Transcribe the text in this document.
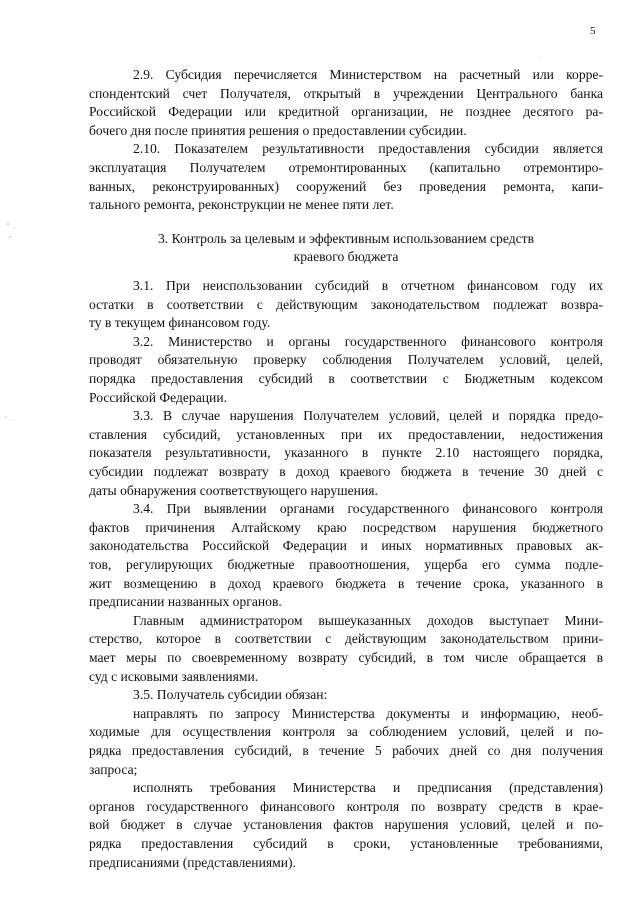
5
2.9. Субсидия перечисляется Министерством на расчетный или корре-
спондентский счет Получателя, открытый в учреждении Центрального банка
Российской Федерации или кредитной организации, не позднее десятого ра-
бочего дня после принятия решения о предоставлении субсидии.
2.10. Показателем результативности предоставления субсидии является
эксплуатация Получателем отремонтированных (капитально отремонтиро-
ванных, реконструированных) сооружений без проведения ремонта, капи-
тального ремонта, реконструкции не менее пяти лет.
3. Контроль за целевым и эффективным использованием средств
краевого бюджета
3.1. При неиспользовании субсидий в отчетном финансовом году их
остатки в соответствии с действующим законодательством подлежат возвра-
ту в текущем финансовом году.
3.2. Министерство и органы государственного финансового контроля
проводят обязательную проверку соблюдения Получателем условий, целей,
порядка предоставления субсидий в соответствии с Бюджетным кодексом
Российской Федерации.
3.3. В случае нарушения Получателем условий, целей и порядка предо-
ставления субсидий, установленных при их предоставлении, недостижения
показателя результативности, указанного в пункте 2.10 настоящего порядка,
субсидии подлежат возврату в доход краевого бюджета в течение 30 дней с
даты обнаружения соответствующего нарушения.
3.4. При выявлении органами государственного финансового контроля
фактов причинения Алтайскому краю посредством нарушения бюджетного
законодательства Российской Федерации и иных нормативных правовых ак-
тов, регулирующих бюджетные правоотношения, ущерба его сумма подле-
жит возмещению в доход краевого бюджета в течение срока, указанного в
предписании названных органов.
Главным администратором вышеуказанных доходов выступает Мини-
стерство, которое в соответствии с действующим законодательством прини-
мает меры по своевременному возврату субсидий, в том числе обращается в
суд с исковыми заявлениями.
3.5. Получатель субсидии обязан:
направлять по запросу Министерства документы и информацию, необ-
ходимые для осуществления контроля за соблюдением условий, целей и по-
рядка предоставления субсидий, в течение 5 рабочих дней со дня получения
запроса;
исполнять требования Министерства и предписания (представления)
органов государственного финансового контроля по возврату средств в крае-
вой бюджет в случае установления фактов нарушения условий, целей и по-
рядка предоставления субсидий в сроки, установленные требованиями,
предписаниями (представлениями).
